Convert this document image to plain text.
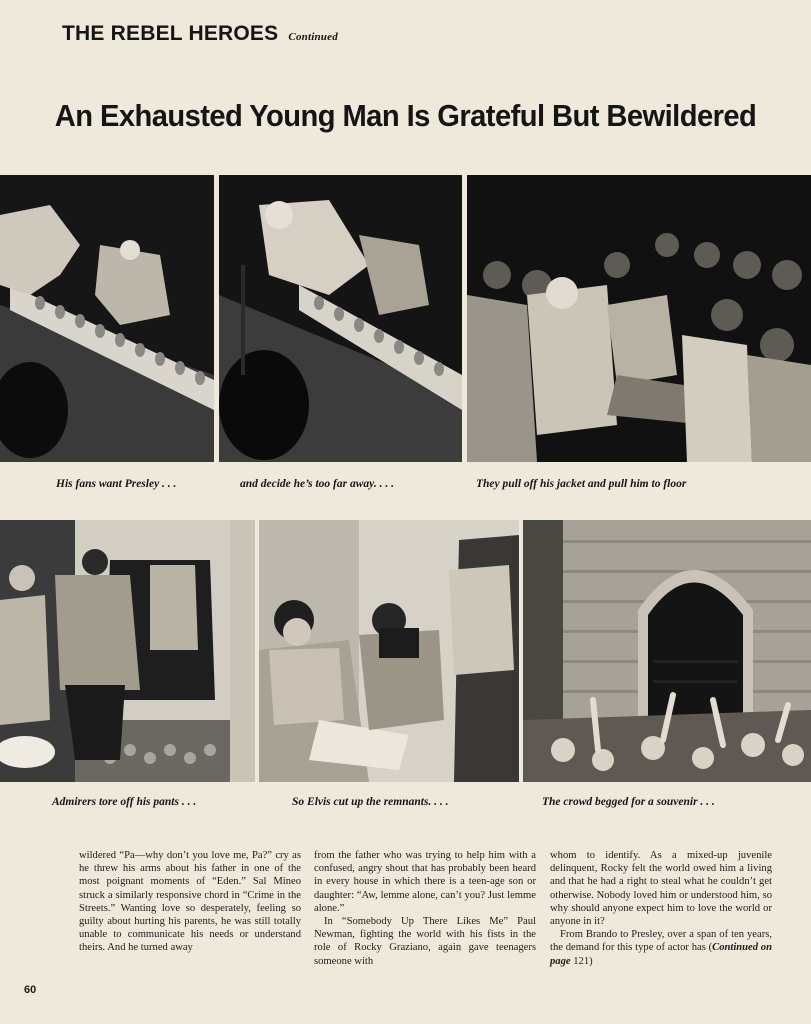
THE REBEL HEROES Continued
An Exhausted Young Man Is Grateful But Bewildered
His fans want Presley . . .	and decide he’s too far away. . . .	They pull off his jacket and pull him to floor
Admirers tore off his pants . . .	So Elvis cut up the remnants. . . .	The crowd begged for a souvenir . . .

wildered “Pa—why don’t you love me, Pa?” cry as he threw his arms about his father in one of the most poignant moments of “Eden.” Sal Mineo struck a similarly responsive chord in “Crime in the Streets.” Wanting love so desperately, feeling so guilty about hurting his parents, he was still totally unable to communicate his needs or understand theirs. And he turned away

from the father who was trying to help him with a confused, angry shout that has probably been heard in every house in which there is a teen-age son or daughter: “Aw, lemme alone, can’t you? Just lemme alone.”

In “Somebody Up There Likes Me” Paul Newman, fighting the world with his fists in the role of Rocky Graziano, again gave teenagers someone with

whom to identify. As a mixed-up juvenile delinquent, Rocky felt the world owed him a living and that he had a right to steal what he couldn’t get otherwise. Nobody loved him or understood him, so why should anyone expect him to love the world or anyone in it?

From Brando to Presley, over a span of ten years, the demand for this type of actor has (Continued on page 121)

60
